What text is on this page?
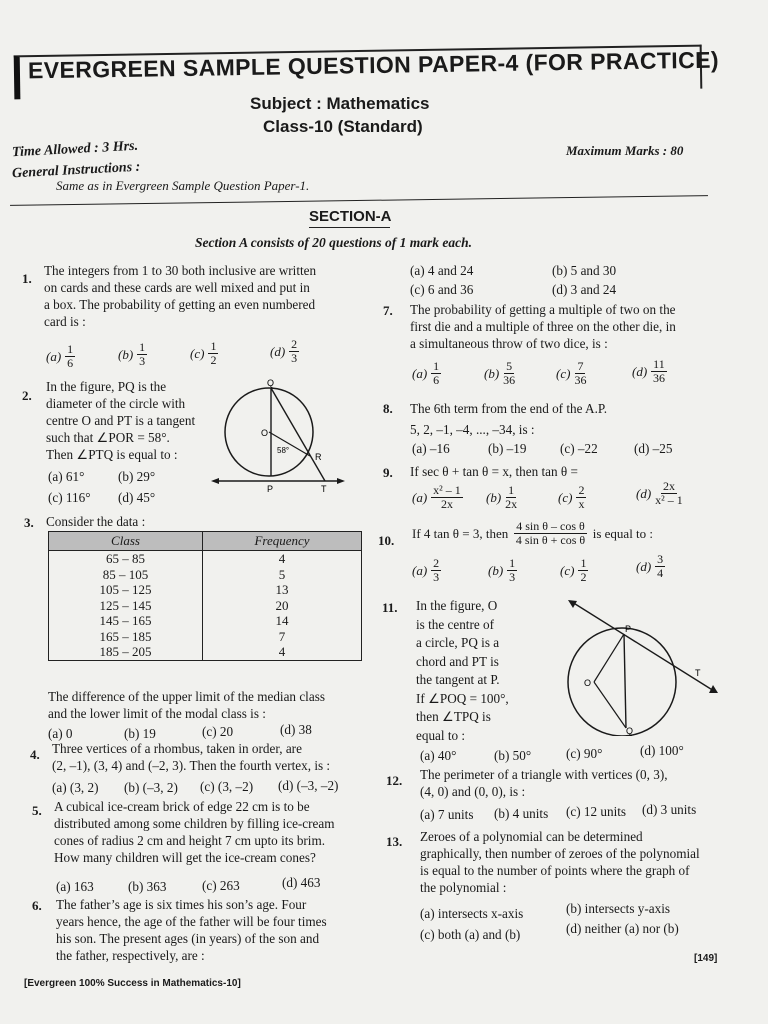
EVERGREEN SAMPLE QUESTION PAPER-4 (FOR PRACTICE)
Subject : Mathematics
Class-10 (Standard)
Time Allowed : 3 Hrs.	Maximum Marks : 80
General Instructions :
Same as in Evergreen Sample Question Paper-1.
SECTION-A
Section A consists of 20 questions of 1 mark each.
1.
The integers from 1 to 30 both inclusive are written
on cards and these cards are well mixed and put in
a box. The probability of getting an even numbered
card is :
$(a) \frac{1}{6}$	$(b) \frac{1}{3}$	$(c) \frac{1}{2}$	$(d) \frac{2}{3}$
2.
In the figure, PQ is the
diameter of the circle with
centre O and PT is a tangent
such that ∠POR = 58°.
Then ∠PTQ is equal to :
(a) 61°	(b) 29°
(c) 116° (d) 45°
Q
O
58°
R
P	T
3. Consider the data :
Class	Frequency
65 – 85	4
85 – 105	5
105 – 125	13
125 – 145	20
145 – 165	14
165 – 185	7
185 – 205	4
The difference of the upper limit of the median class
and the lower limit of the modal class is :
(a) 0	(b) 19	(c) 20	(d) 38
4. Three vertices of a rhombus, taken in order, are
(2, –1), (3, 4) and (–2, 3). Then the fourth vertex, is :
(a) (3, 2) (b) (–3, 2) (c) (3, –2) (d) (–3, –2)
5. A cubical ice-cream brick of edge 22 cm is to be
distributed among some children by filling ice-cream
cones of radius 2 cm and height 7 cm upto its brim.
How many children will get the ice-cream cones?
(a) 163	(b) 363	(c) 263	(d) 463
6. The father’s age is six times his son’s age. Four
years hence, the age of the father will be four times
his son. The present ages (in years) of the son and
the father, respectively, are :
[Evergreen 100% Success in Mathematics-10]
(a) 4 and 24	(b) 5 and 30
(c) 6 and 36	(d) 3 and 24
7. The probability of getting a multiple of two on the
first die and a multiple of three on the other die, in
a simultaneous throw of two dice, is :
$(a) \frac{1}{6}$	$(b) \frac{5}{36}$	$(c) \frac{7}{36}$	$(d) \frac{11}{36}$
8. The 6th term from the end of the A.P.
5, 2, –1, –4, ..., –34, is :
(a) –16	(b) –19	(c) –22	(d) –25
9. If sec θ + tan θ = x, then tan θ =
$(a) \frac{\text{x² – 1}}{2x} (b) \frac{1}{2x}$	$(c) \frac{2}{x}$	$(d) \frac{2x}{\text{x² – 1}}$
10. If 4 tan θ = 3, then $\frac{\text{4 sin θ – cos θ}}{\text{4 sin θ + cos θ}}$ is equal to :
$(a) \frac{2}{3}$	$(b) \frac{1}{3}$	$(c) \frac{1}{2}$	$(d) \frac{3}{4}$
11. In the figure, O
is the centre of
a circle, PQ is a
chord and PT is
the tangent at P.
If ∠POQ = 100°,
then ∠TPQ is
equal to :
P
O
Q
T
(a) 40°	(b) 50°	(c) 90°	(d) 100°
12. The perimeter of a triangle with vertices (0, 3),
(4, 0) and (0, 0), is :
(a) 7 units (b) 4 units (c) 12 units (d) 3 units
13. Zeroes of a polynomial can be determined
graphically, then number of zeroes of the polynomial
is equal to the number of points where the graph of
the polynomial :
(a) intersects x-axis	(b) intersects y-axis
(c) both (a) and (b)	(d) neither (a) nor (b)
[149]
